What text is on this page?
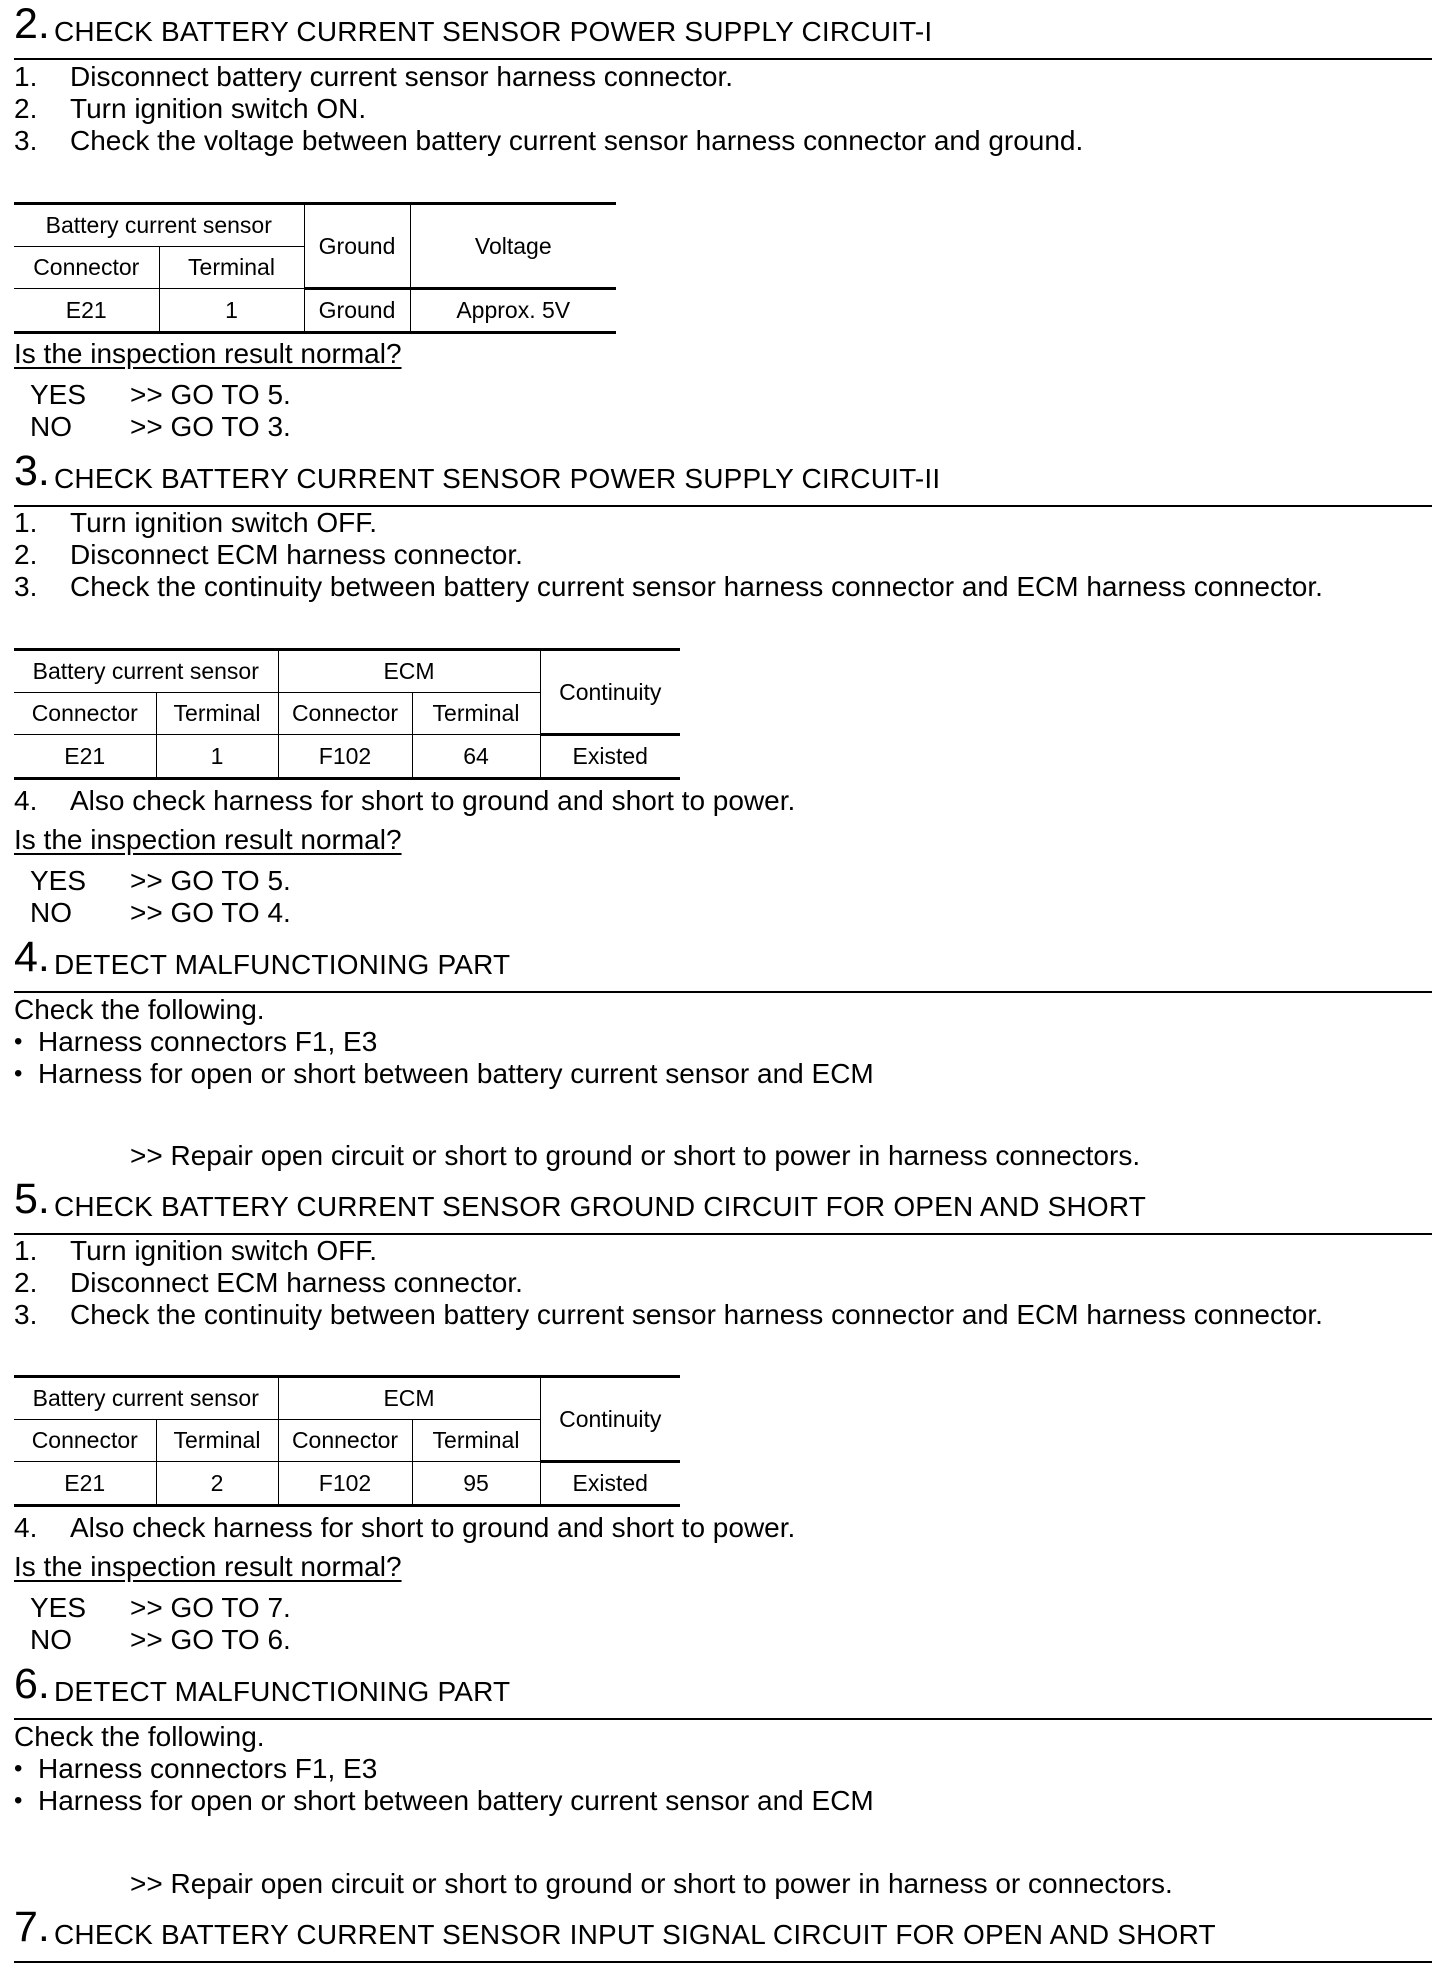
2. CHECK BATTERY CURRENT SENSOR POWER SUPPLY CIRCUIT-I
1. Disconnect battery current sensor harness connector.
2. Turn ignition switch ON.
3. Check the voltage between battery current sensor harness connector and ground.
Battery current sensor		Ground	Voltage
Connector	Terminal		
E21	1	Ground	Approx. 5V
Is the inspection result normal?
YES >> GO TO 5.
NO >> GO TO 3.
3. CHECK BATTERY CURRENT SENSOR POWER SUPPLY CIRCUIT-II
1. Turn ignition switch OFF.
2. Disconnect ECM harness connector.
3. Check the continuity between battery current sensor harness connector and ECM harness connector.
Battery current sensor		ECM		Continuity
Connector	Terminal	Connector	Terminal	
E21	1	F102	64	Existed
4. Also check harness for short to ground and short to power.
Is the inspection result normal?
YES >> GO TO 5.
NO >> GO TO 4.
4. DETECT MALFUNCTIONING PART
Check the following.
• Harness connectors F1, E3
• Harness for open or short between battery current sensor and ECM
>> Repair open circuit or short to ground or short to power in harness connectors.
5. CHECK BATTERY CURRENT SENSOR GROUND CIRCUIT FOR OPEN AND SHORT
1. Turn ignition switch OFF.
2. Disconnect ECM harness connector.
3. Check the continuity between battery current sensor harness connector and ECM harness connector.
Battery current sensor		ECM		Continuity
Connector	Terminal	Connector	Terminal	
E21	2	F102	95	Existed
4. Also check harness for short to ground and short to power.
Is the inspection result normal?
YES >> GO TO 7.
NO >> GO TO 6.
6. DETECT MALFUNCTIONING PART
Check the following.
• Harness connectors F1, E3
• Harness for open or short between battery current sensor and ECM
>> Repair open circuit or short to ground or short to power in harness or connectors.
7. CHECK BATTERY CURRENT SENSOR INPUT SIGNAL CIRCUIT FOR OPEN AND SHORT
